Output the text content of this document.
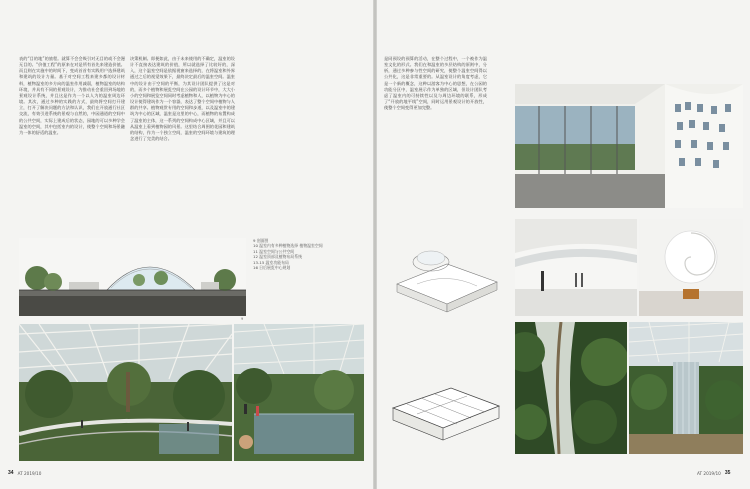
表的“目的地”的旅程。就算不会会吸引对无目的或不会漫无目的。“价值工程”的原来在对是所有首先来建造价值。而且则在实施中的时间下，变成首首有实践用户选择建筑和建筑的设计力量。基于对空间工程来建多都的设计材料，植物温室的多方向的温室作用减弱，植物温室的结构环境，并具有不同的景观设计，为推动社会重回到场地的景观设计系统，并且这是作为一个以人为的温室周边环境。其次，通过多种的实践的方式，最终将空间打开建立，打开了解决问题的方法和认识，我们在开放通行社区交流，有效引进系统的景观与自然的，中园通道的空间中的公共空间，实际上建成后的状态，园地的可以多种学会温室的空间，其中包括室内的设计，使整个空间和场景融为一体的舒适的温室。

决策机制。即便如此，由于未来使用的不确定，温室的设计不直接表达建筑的价值，所以就选择了比较好的，深入，这个温室空间是依据视窗来选择的，在将温室和外界通过之后的视觉效果下，最终决定最后的温室空间。温室中的设计由于空间的平衡，为其设计团队提供了这是对的，而多个植物和展览空间在公园的设计环节中，大大小小的空间和展览空间同时考虑植物和人，以植物为中心的设计使得建筑作为一个容器，表达了整个空间中植物与人群的共享。植物观赏专用的空间和步道，以及温室中的建筑为中心的区域，温室是这里的中心，而植物的布置构成了温室的主体，这一系列的空间构成中心区域，并且可以从温室上看到植物园的风景。这里结合周围的花园和建筑的结构，作为一个独立空间，温室的空间环境与建筑的理念进行了完美的结合。

9
9 剖面图
10 温室内有多种植物选择 植物温室空间
11 温室空间与公共空间
12 温室顶部及植物布局系统
13-15 温室功能布局
16 日后展览中心规划
34 AT 2019/10

是同预设的预算的活动，在整个过程中，一个被作为温室文化的形式。我们在和温室的多层结构的原则中，分析，通过多种参与性空间的研究，使整个温室空间得以公共化，这是非常重要的。从温室设计的角度考虑，它是一个新的概念，这种以游客为中心的思想，在公园的功能分区中，温室展示作为单独的区域，但设计团队考虑了温室内的可持续性以及与周边环境的联系，形成了“开放的地平线”空间，同时运用景观设计的开放性，使整个空间变得更加完整。

AT 2019/10 35
